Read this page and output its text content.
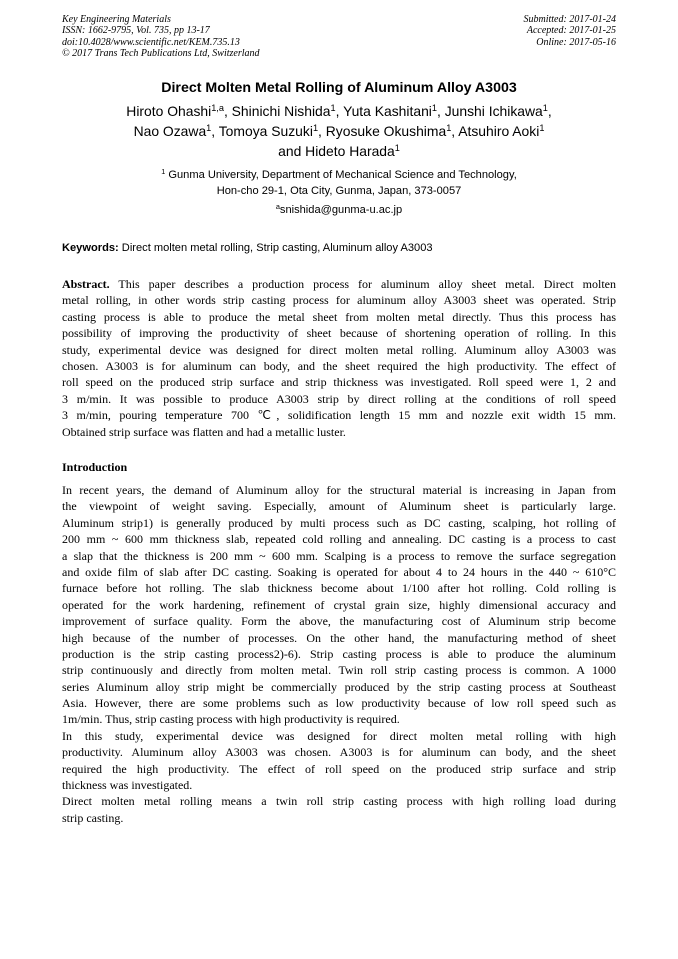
Key Engineering Materials
ISSN: 1662-9795, Vol. 735, pp 13-17
doi:10.4028/www.scientific.net/KEM.735.13
© 2017 Trans Tech Publications Ltd, Switzerland
Submitted: 2017-01-24
Accepted: 2017-01-25
Online: 2017-05-16
Direct Molten Metal Rolling of Aluminum Alloy A3003
Hiroto Ohashi$^{1,a}$, Shinichi Nishida$^1$, Yuta Kashitani$^1$, Junshi Ichikawa$^1$,
Nao Ozawa$^1$, Tomoya Suzuki$^1$, Ryosuke Okushima$^1$, Atsuhiro Aoki$^1$
and Hideto Harada$^1$
$^1$ Gunma University, Department of Mechanical Science and Technology,
Hon-cho 29-1, Ota City, Gunma, Japan, 373-0057
$^a$snishida@gunma-u.ac.jp
Keywords: Direct molten metal rolling, Strip casting, Aluminum alloy A3003
Abstract. This paper describes a production process for aluminum alloy sheet metal. Direct molten
metal rolling, in other words strip casting process for aluminum alloy A3003 sheet was operated. Strip
casting process is able to produce the metal sheet from molten metal directly. Thus this process has
possibility of improving the productivity of sheet because of shortening operation of rolling. In this
study, experimental device was designed for direct molten metal rolling. Aluminum alloy A3003 was
chosen. A3003 is for aluminum can body, and the sheet required the high productivity. The effect of
roll speed on the produced strip surface and strip thickness was investigated. Roll speed were 1, 2 and
3 m/min. It was possible to produce A3003 strip by direct rolling at the conditions of roll speed
3 m/min, pouring temperature 700 ℃, solidification length 15 mm and nozzle exit width 15 mm.
Obtained strip surface was flatten and had a metallic luster.
Introduction
In recent years, the demand of Aluminum alloy for the structural material is increasing in Japan from
the viewpoint of weight saving. Especially, amount of Aluminum sheet is particularly large.
Aluminum strip1) is generally produced by multi process such as DC casting, scalping, hot rolling of
200 mm ~ 600 mm thickness slab, repeated cold rolling and annealing. DC casting is a process to cast
a slap that the thickness is 200 mm ~ 600 mm. Scalping is a process to remove the surface segregation
and oxide film of slab after DC casting. Soaking is operated for about 4 to 24 hours in the 440 ~ 610°C
furnace before hot rolling. The slab thickness become about 1/100 after hot rolling. Cold rolling is
operated for the work hardening, refinement of crystal grain size, highly dimensional accuracy and
improvement of surface quality. Form the above, the manufacturing cost of Aluminum strip become
high because of the number of processes. On the other hand, the manufacturing method of sheet
production is the strip casting process2)-6). Strip casting process is able to produce the aluminum
strip continuously and directly from molten metal. Twin roll strip casting process is common. A 1000
series Aluminum alloy strip might be commercially produced by the strip casting process at Southeast
Asia. However, there are some problems such as low productivity because of low roll speed such as
1m/min. Thus, strip casting process with high productivity is required.
In this study, experimental device was designed for direct molten metal rolling with high
productivity. Aluminum alloy A3003 was chosen. A3003 is for aluminum can body, and the sheet
required the high productivity. The effect of roll speed on the produced strip surface and strip
thickness was investigated.
Direct molten metal rolling means a twin roll strip casting process with high rolling load during
strip casting.
